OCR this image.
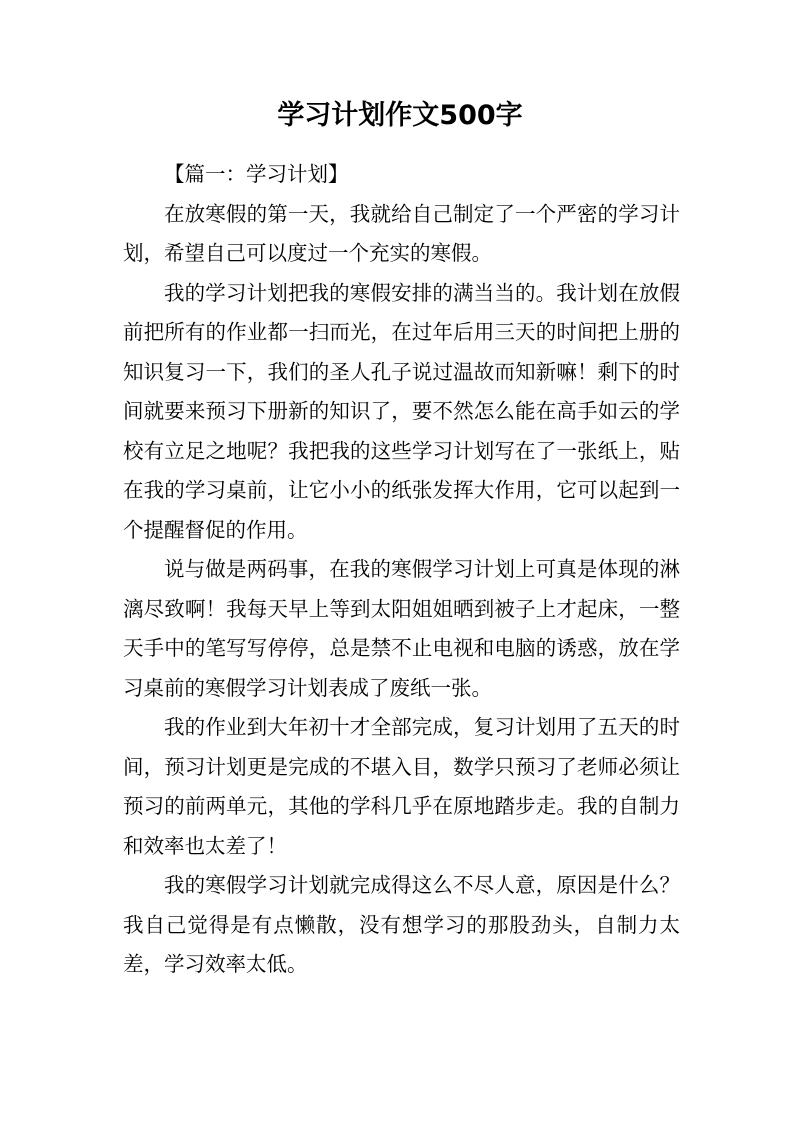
学习计划作文500字

【篇一：学习计划】

在放寒假的第一天，我就给自己制定了一个严密的学习计划，希望自己可以度过一个充实的寒假。

我的学习计划把我的寒假安排的满当当的。我计划在放假前把所有的作业都一扫而光，在过年后用三天的时间把上册的知识复习一下，我们的圣人孔子说过温故而知新嘛！剩下的时间就要来预习下册新的知识了，要不然怎么能在高手如云的学校有立足之地呢？我把我的这些学习计划写在了一张纸上，贴在我的学习桌前，让它小小的纸张发挥大作用，它可以起到一个提醒督促的作用。

说与做是两码事，在我的寒假学习计划上可真是体现的淋漓尽致啊！我每天早上等到太阳姐姐晒到被子上才起床，一整天手中的笔写写停停，总是禁不止电视和电脑的诱惑，放在学习桌前的寒假学习计划表成了废纸一张。

我的作业到大年初十才全部完成，复习计划用了五天的时间，预习计划更是完成的不堪入目，数学只预习了老师必须让预习的前两单元，其他的学科几乎在原地踏步走。我的自制力和效率也太差了！

我的寒假学习计划就完成得这么不尽人意，原因是什么？我自己觉得是有点懒散，没有想学习的那股劲头，自制力太差，学习效率太低。
